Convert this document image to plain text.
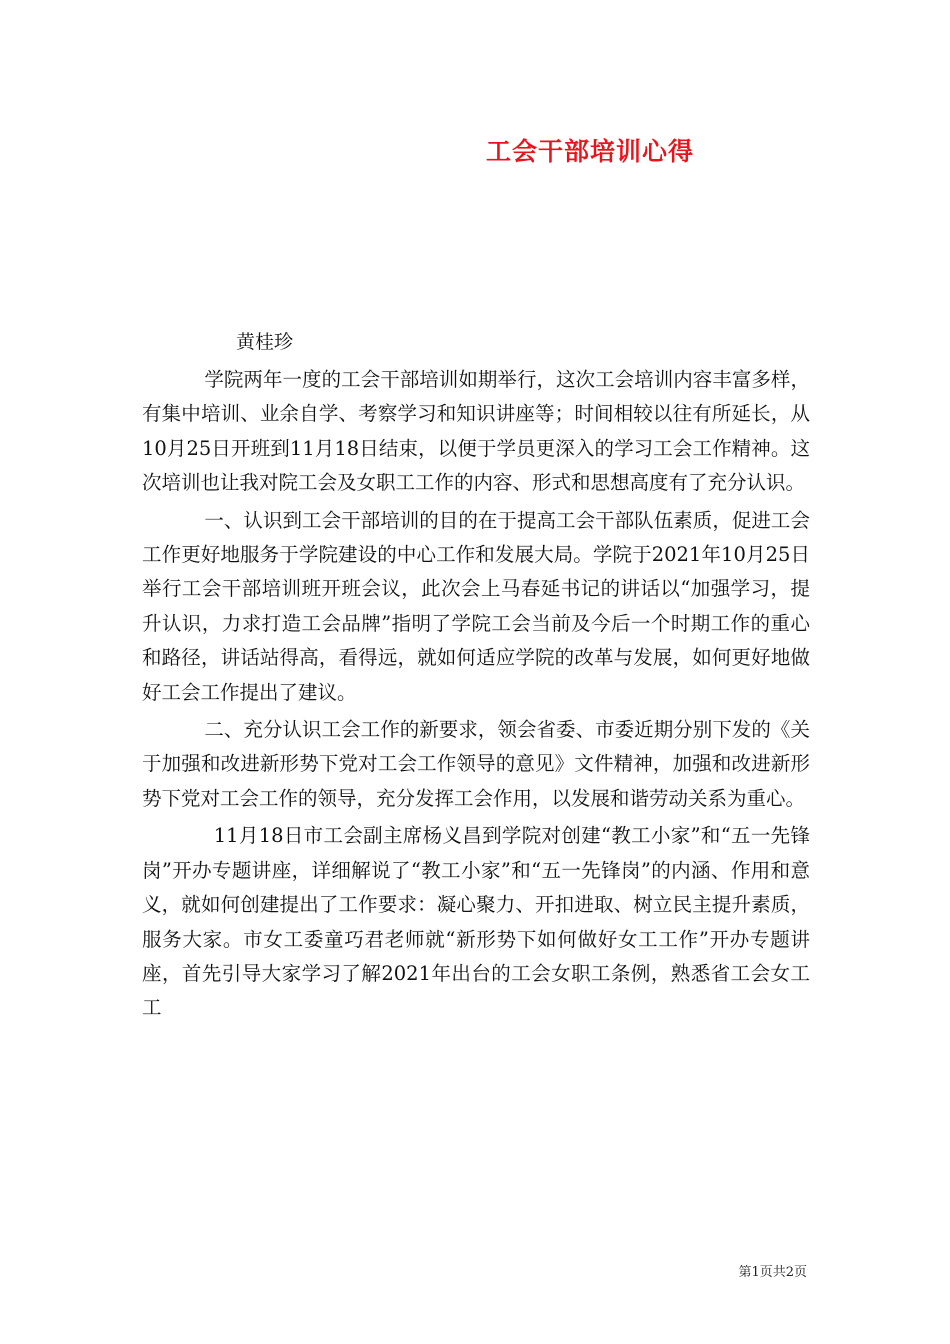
工会干部培训心得
黄桂珍

学院两年一度的工会干部培训如期举行，这次工会培训内容丰富多样，有集中培训、业余自学、考察学习和知识讲座等；时间相较以往有所延长，从10月25日开班到11月18日结束，以便于学员更深入的学习工会工作精神。这次培训也让我对院工会及女职工工作的内容、形式和思想高度有了充分认识。

一、认识到工会干部培训的目的在于提高工会干部队伍素质，促进工会工作更好地服务于学院建设的中心工作和发展大局。学院于2021年10月25日举行工会干部培训班开班会议，此次会上马春延书记的讲话以“加强学习，提升认识，力求打造工会品牌”指明了学院工会当前及今后一个时期工作的重心和路径，讲话站得高，看得远，就如何适应学院的改革与发展，如何更好地做好工会工作提出了建议。

二、充分认识工会工作的新要求，领会省委、市委近期分别下发的《关于加强和改进新形势下党对工会工作领导的意见》文件精神，加强和改进新形势下党对工会工作的领导，充分发挥工会作用，以发展和谐劳动关系为重心。

11月18日市工会副主席杨义昌到学院对创建“教工小家”和“五一先锋岗”开办专题讲座，详细解说了“教工小家”和“五一先锋岗”的内涵、作用和意义，就如何创建提出了工作要求：凝心聚力、开扣进取、树立民主提升素质，服务大家。市女工委童巧君老师就“新形势下如何做好女工工作”开办专题讲座，首先引导大家学习了解2021年出台的工会女职工条例，熟悉省工会女工工

第1页共2页
